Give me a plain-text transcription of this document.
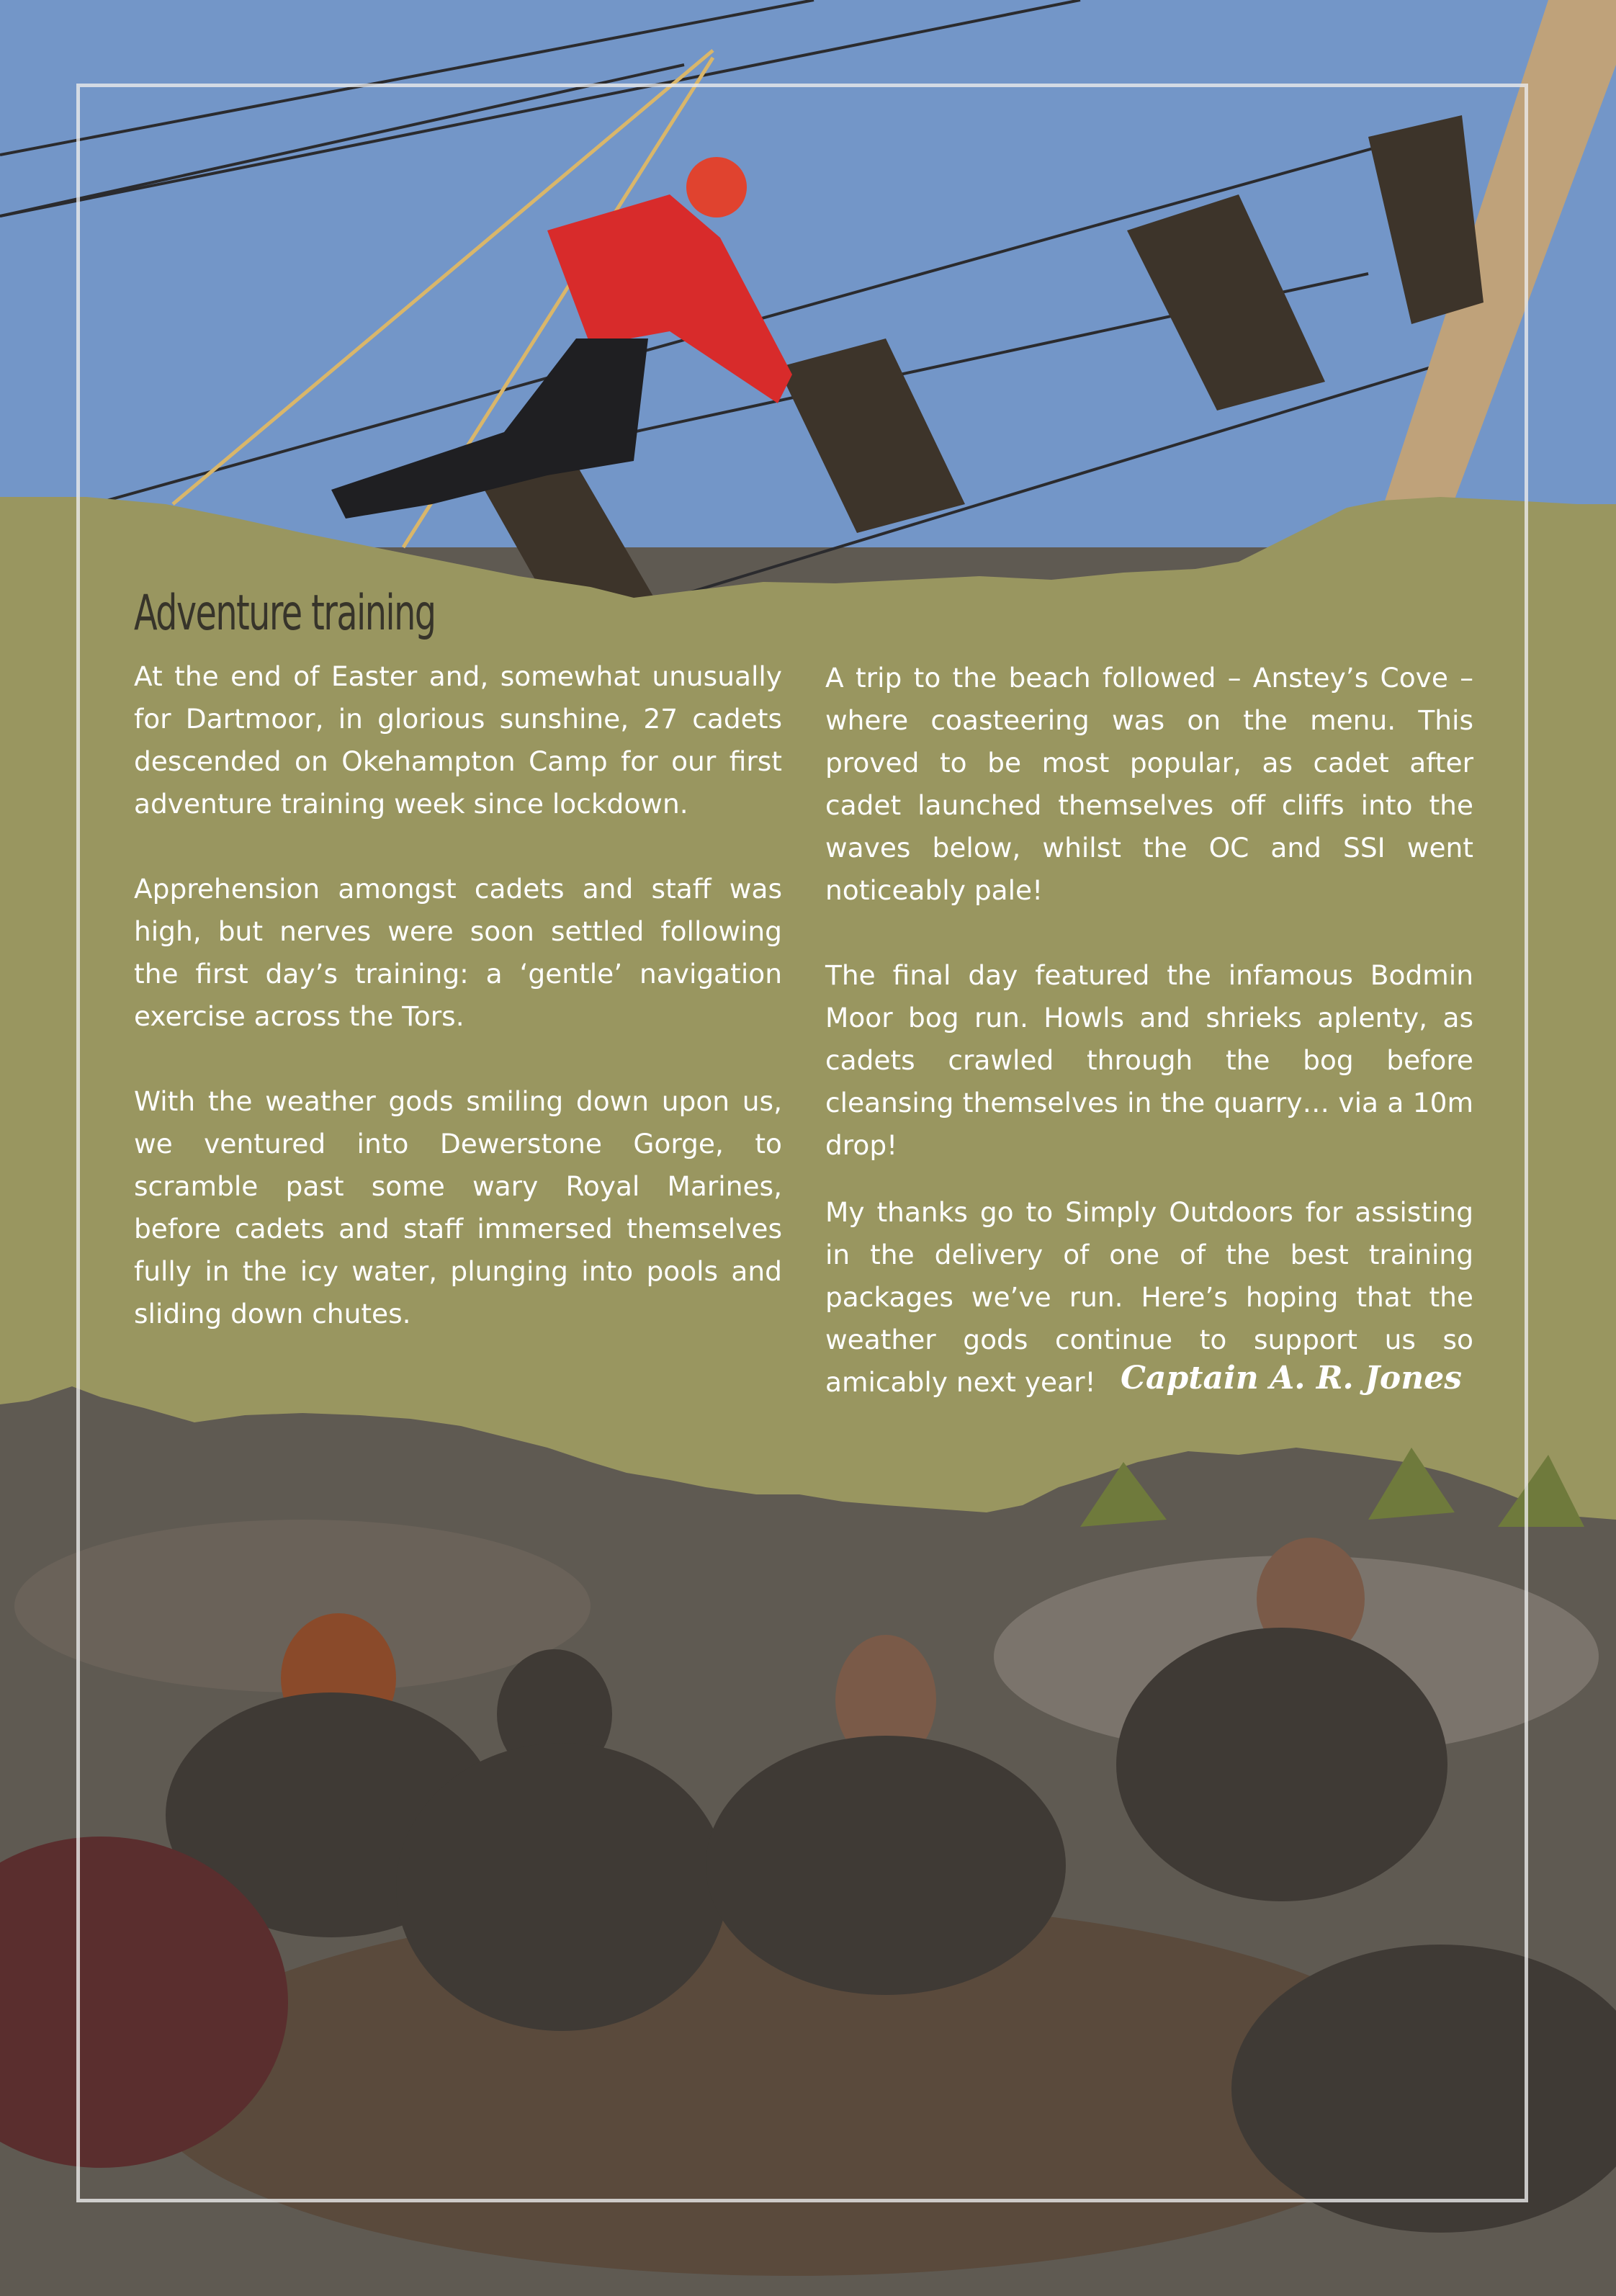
Adventure training

At the end of Easter and, somewhat unusually for Dartmoor, in glorious sunshine, 27 cadets descended on Okehampton Camp for our first adventure training week since lockdown.

Apprehension amongst cadets and staff was high, but nerves were soon settled following the first day’s training: a ‘gentle’ navigation exercise across the Tors.

With the weather gods smiling down upon us, we ventured into Dewerstone Gorge, to scramble past some wary Royal Marines, before cadets and staff immersed themselves fully in the icy water, plunging into pools and sliding down chutes.

A trip to the beach followed – Anstey’s Cove – where coasteering was on the menu. This proved to be most popular, as cadet after cadet launched themselves off cliffs into the waves below, whilst the OC and SSI went noticeably pale!

The final day featured the infamous Bodmin Moor bog run. Howls and shrieks aplenty, as cadets crawled through the bog before cleansing themselves in the quarry… via a 10m drop!

My thanks go to Simply Outdoors for assisting in the delivery of one of the best training packages we’ve run. Here’s hoping that the weather gods continue to support us so amicably next year! Captain A. R. Jones
